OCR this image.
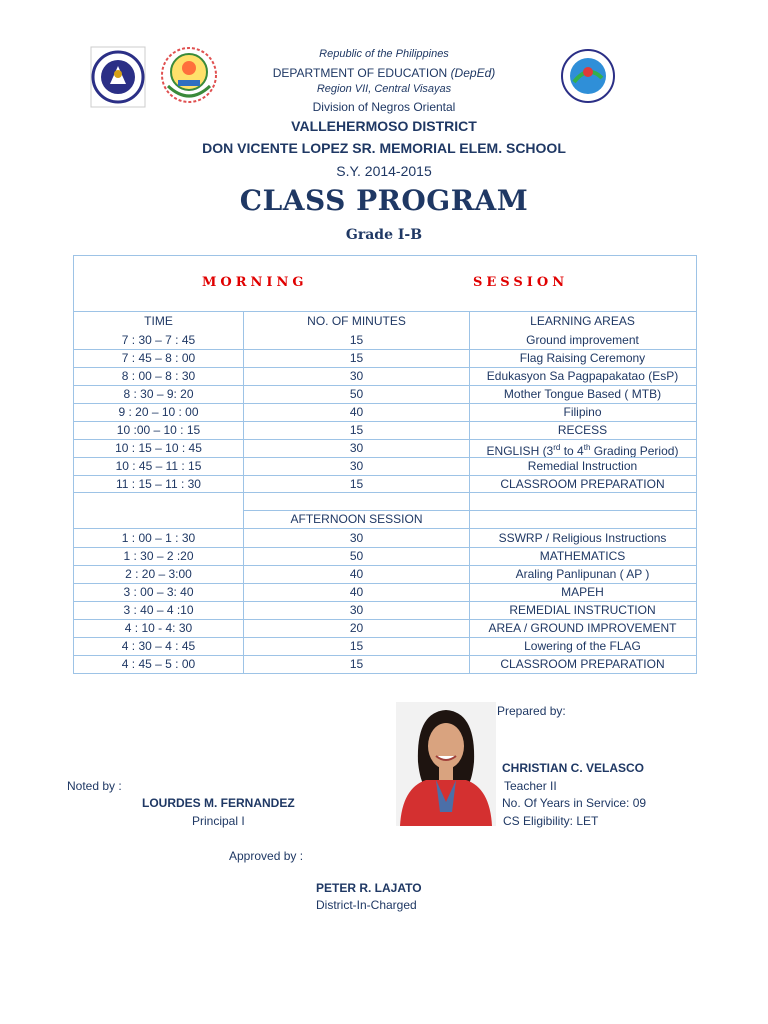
Republic of the Philippines
DEPARTMENT OF EDUCATION (DepEd)
Region VII, Central Visayas
Division of Negros Oriental
VALLEHERMOSO DISTRICT
DON VICENTE LOPEZ SR. MEMORIAL ELEM. SCHOOL
S.Y. 2014-2015
CLASS PROGRAM
Grade I-B
MORNING	SESSION
TIME	NO. OF MINUTES	LEARNING AREAS
7 : 30 – 7 : 45	15	Ground improvement
7 : 45 – 8 : 00	15	Flag Raising Ceremony
8 : 00 – 8 : 30	30	Edukasyon Sa Pagpapakatao (EsP)
8 : 30 – 9: 20	50	Mother Tongue Based ( MTB)
9 : 20 – 10 : 00	40	Filipino
10 :00 – 10 : 15	15	RECESS
10 : 15 – 10 : 45	30	ENGLISH (3rd to 4th Grading Period)
10 : 45 – 11 : 15	30	Remedial Instruction
11 : 15 – 11 : 30	15	CLASSROOM PREPARATION
AFTERNOON SESSION
1 : 00 – 1 : 30	30	SSWRP / Religious Instructions
1 : 30 – 2 :20	50	MATHEMATICS
2 : 20 – 3:00	40	Araling Panlipunan ( AP )
3 : 00 – 3: 40	40	MAPEH
3 : 40 – 4 :10	30	REMEDIAL INSTRUCTION
4 : 10 - 4: 30	20	AREA / GROUND IMPROVEMENT
4 : 30 – 4 : 45	15	Lowering of the FLAG
4 : 45 – 5 : 00	15	CLASSROOM PREPARATION
Prepared by:
CHRISTIAN C. VELASCO
Teacher II
No. Of Years in Service: 09
CS Eligibility: LET
Noted by :
LOURDES M. FERNANDEZ
Principal I
Approved by :
PETER R. LAJATO
District-In-Charged
